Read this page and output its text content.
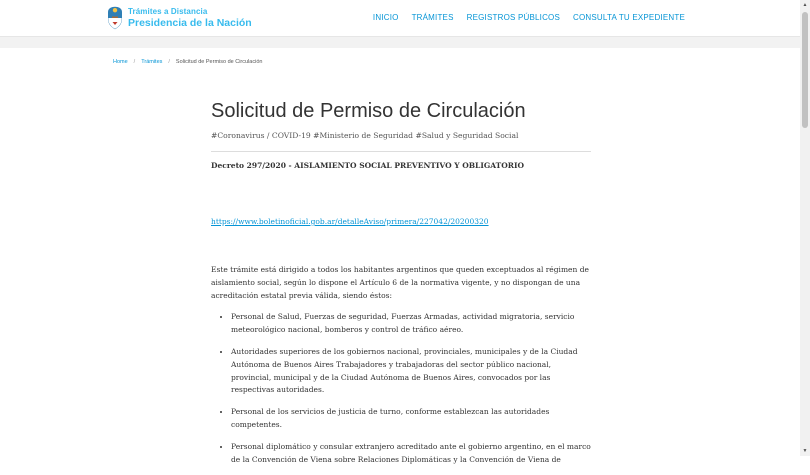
Trámites a Distancia
Presidencia de la Nación	INICIO TRÁMITES REGISTROS PÚBLICOS CONSULTA TU EXPEDIENTE
Home / Trámites / Solicitud de Permiso de Circulación
Solicitud de Permiso de Circulación
#Coronavirus / COVID-19 #Ministerio de Seguridad #Salud y Seguridad Social
Decreto 297/2020 - AISLAMIENTO SOCIAL PREVENTIVO Y OBLIGATORIO

https://www.boletinoficial.gob.ar/detalleAviso/primera/227042/20200320

Este trámite está dirigido a todos los habitantes argentinos que queden exceptuados al régimen de aislamiento social, según lo dispone el Artículo 6 de la normativa vigente, y no dispongan de una acreditación estatal previa válida, siendo éstos:

• Personal de Salud, Fuerzas de seguridad, Fuerzas Armadas, actividad migratoria, servicio meteorológico nacional, bomberos y control de tráfico aéreo.
• Autoridades superiores de los gobiernos nacional, provinciales, municipales y de la Ciudad Autónoma de Buenos Aires Trabajadores y trabajadoras del sector público nacional, provincial, municipal y de la Ciudad Autónoma de Buenos Aires, convocados por las respectivas autoridades.
• Personal de los servicios de justicia de turno, conforme establezcan las autoridades competentes.
• Personal diplomático y consular extranjero acreditado ante el gobierno argentino, en el marco de la Convención de Viena sobre Relaciones Diplomáticas y la Convención de Viena de
▲
▼
